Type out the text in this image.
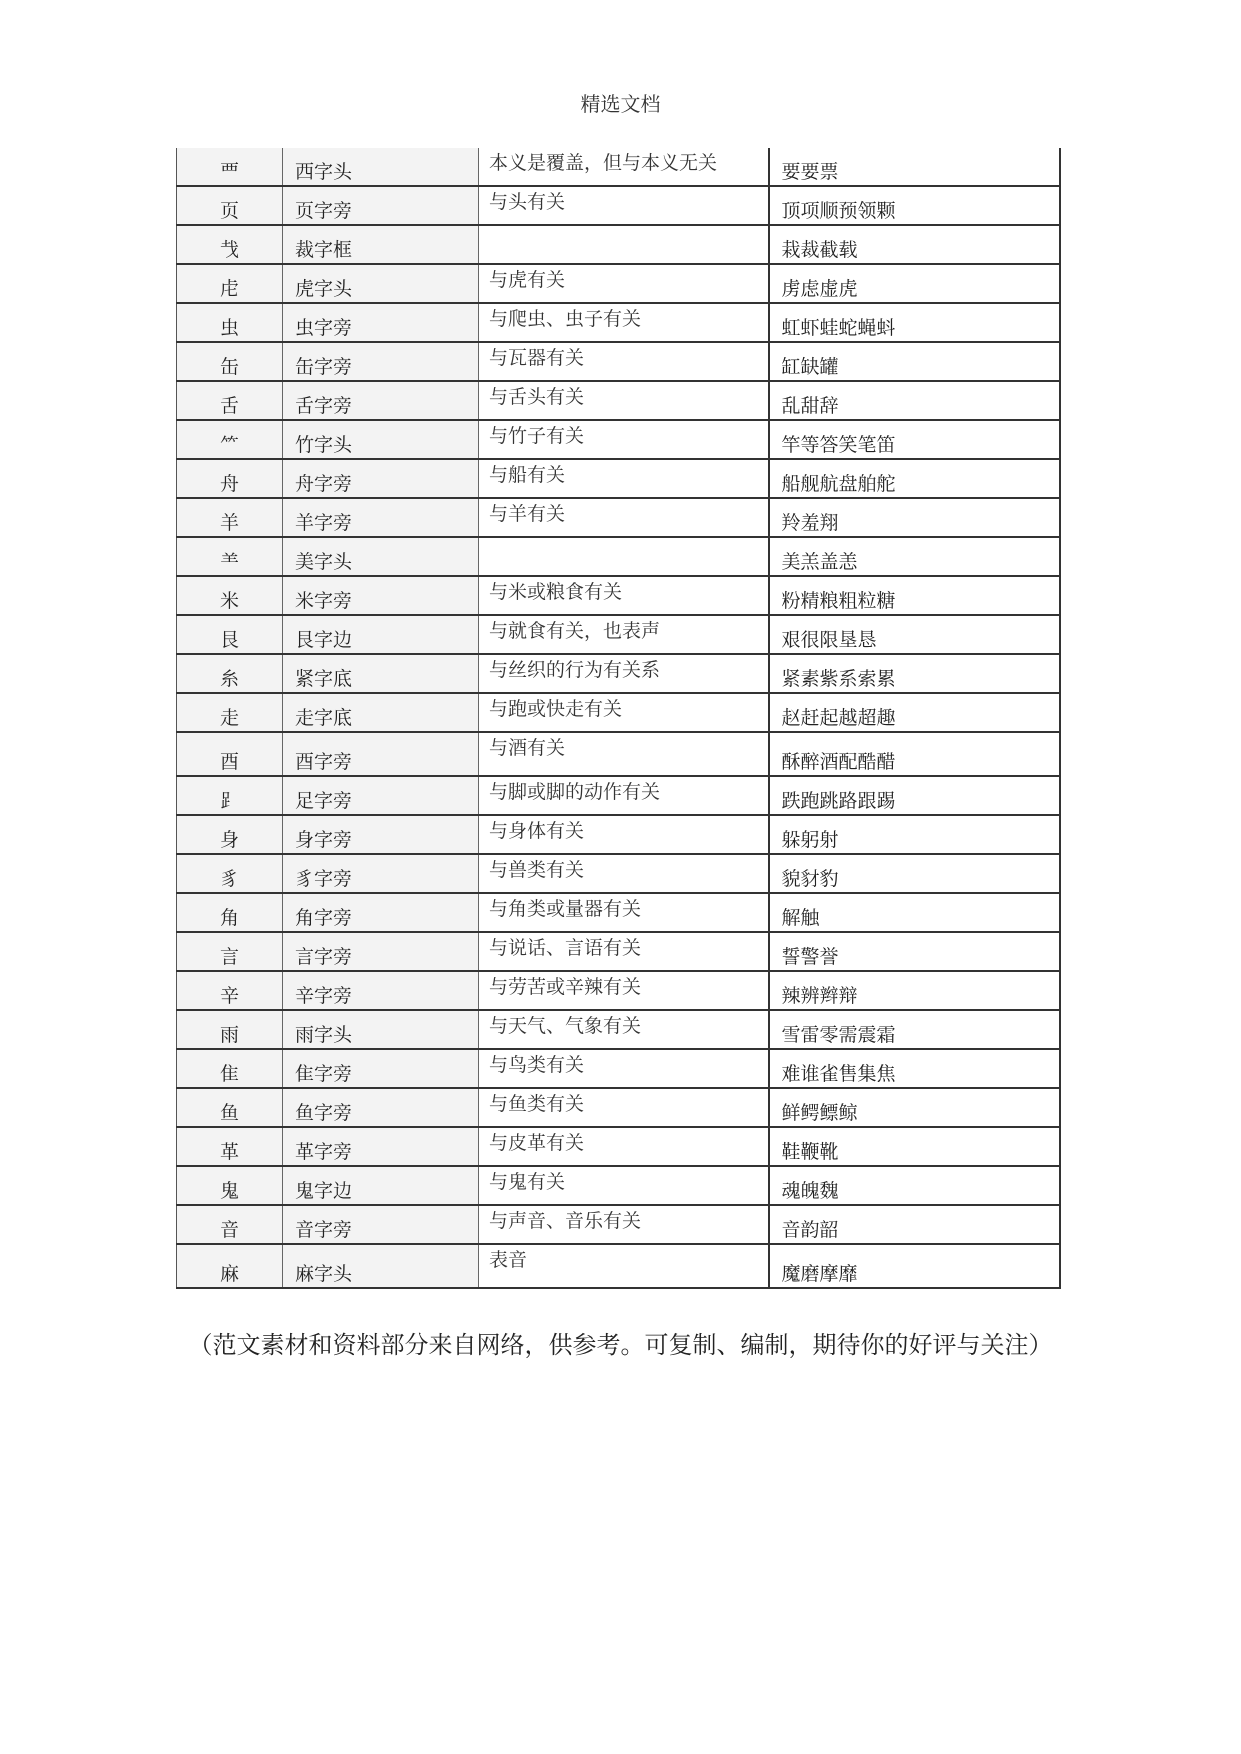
精选文档
覀	西字头	本义是覆盖，但与本义无关	要要票
页	页字旁	与头有关	顶项顺预领颗
𢦏	裁字框		栽裁截载
虍	虎字头	与虎有关	虏虑虚虎
虫	虫字旁	与爬虫、虫子有关	虹虾蛙蛇蝇蚪
缶	缶字旁	与瓦器有关	缸缺罐
舌	舌字旁	与舌头有关	乱甜辞
⺮	竹字头	与竹子有关	竿等答笑笔笛
舟	舟字旁	与船有关	船舰航盘舶舵
羊	羊字旁	与羊有关	羚羞翔
⺷	美字头		美羔盖恙
米	米字旁	与米或粮食有关	粉精粮粗粒糖
艮	艮字边	与就食有关，也表声	艰很限垦恳
糸	紧字底	与丝织的行为有关系	紧素紫系索累
走	走字底	与跑或快走有关	赵赶起越超趣
酉	酉字旁	与酒有关	酥醉酒配酷醋
⻊	足字旁	与脚或脚的动作有关	跌跑跳路跟踢
身	身字旁	与身体有关	躲躬射
豸	豸字旁	与兽类有关	貌豺豹
角	角字旁	与角类或量器有关	解触
言	言字旁	与说话、言语有关	誓警誉
辛	辛字旁	与劳苦或辛辣有关	辣辨辫辩
雨	雨字头	与天气、气象有关	雪雷零需震霜
隹	隹字旁	与鸟类有关	难谁雀售集焦
鱼	鱼字旁	与鱼类有关	鲜鳄鳔鲸
革	革字旁	与皮革有关	鞋鞭靴
鬼	鬼字边	与鬼有关	魂魄魏
音	音字旁	与声音、音乐有关	音韵韶
麻	麻字头	表音	魔磨摩靡
（范文素材和资料部分来自网络，供参考。可复制、编制，期待你的好评与关注）
